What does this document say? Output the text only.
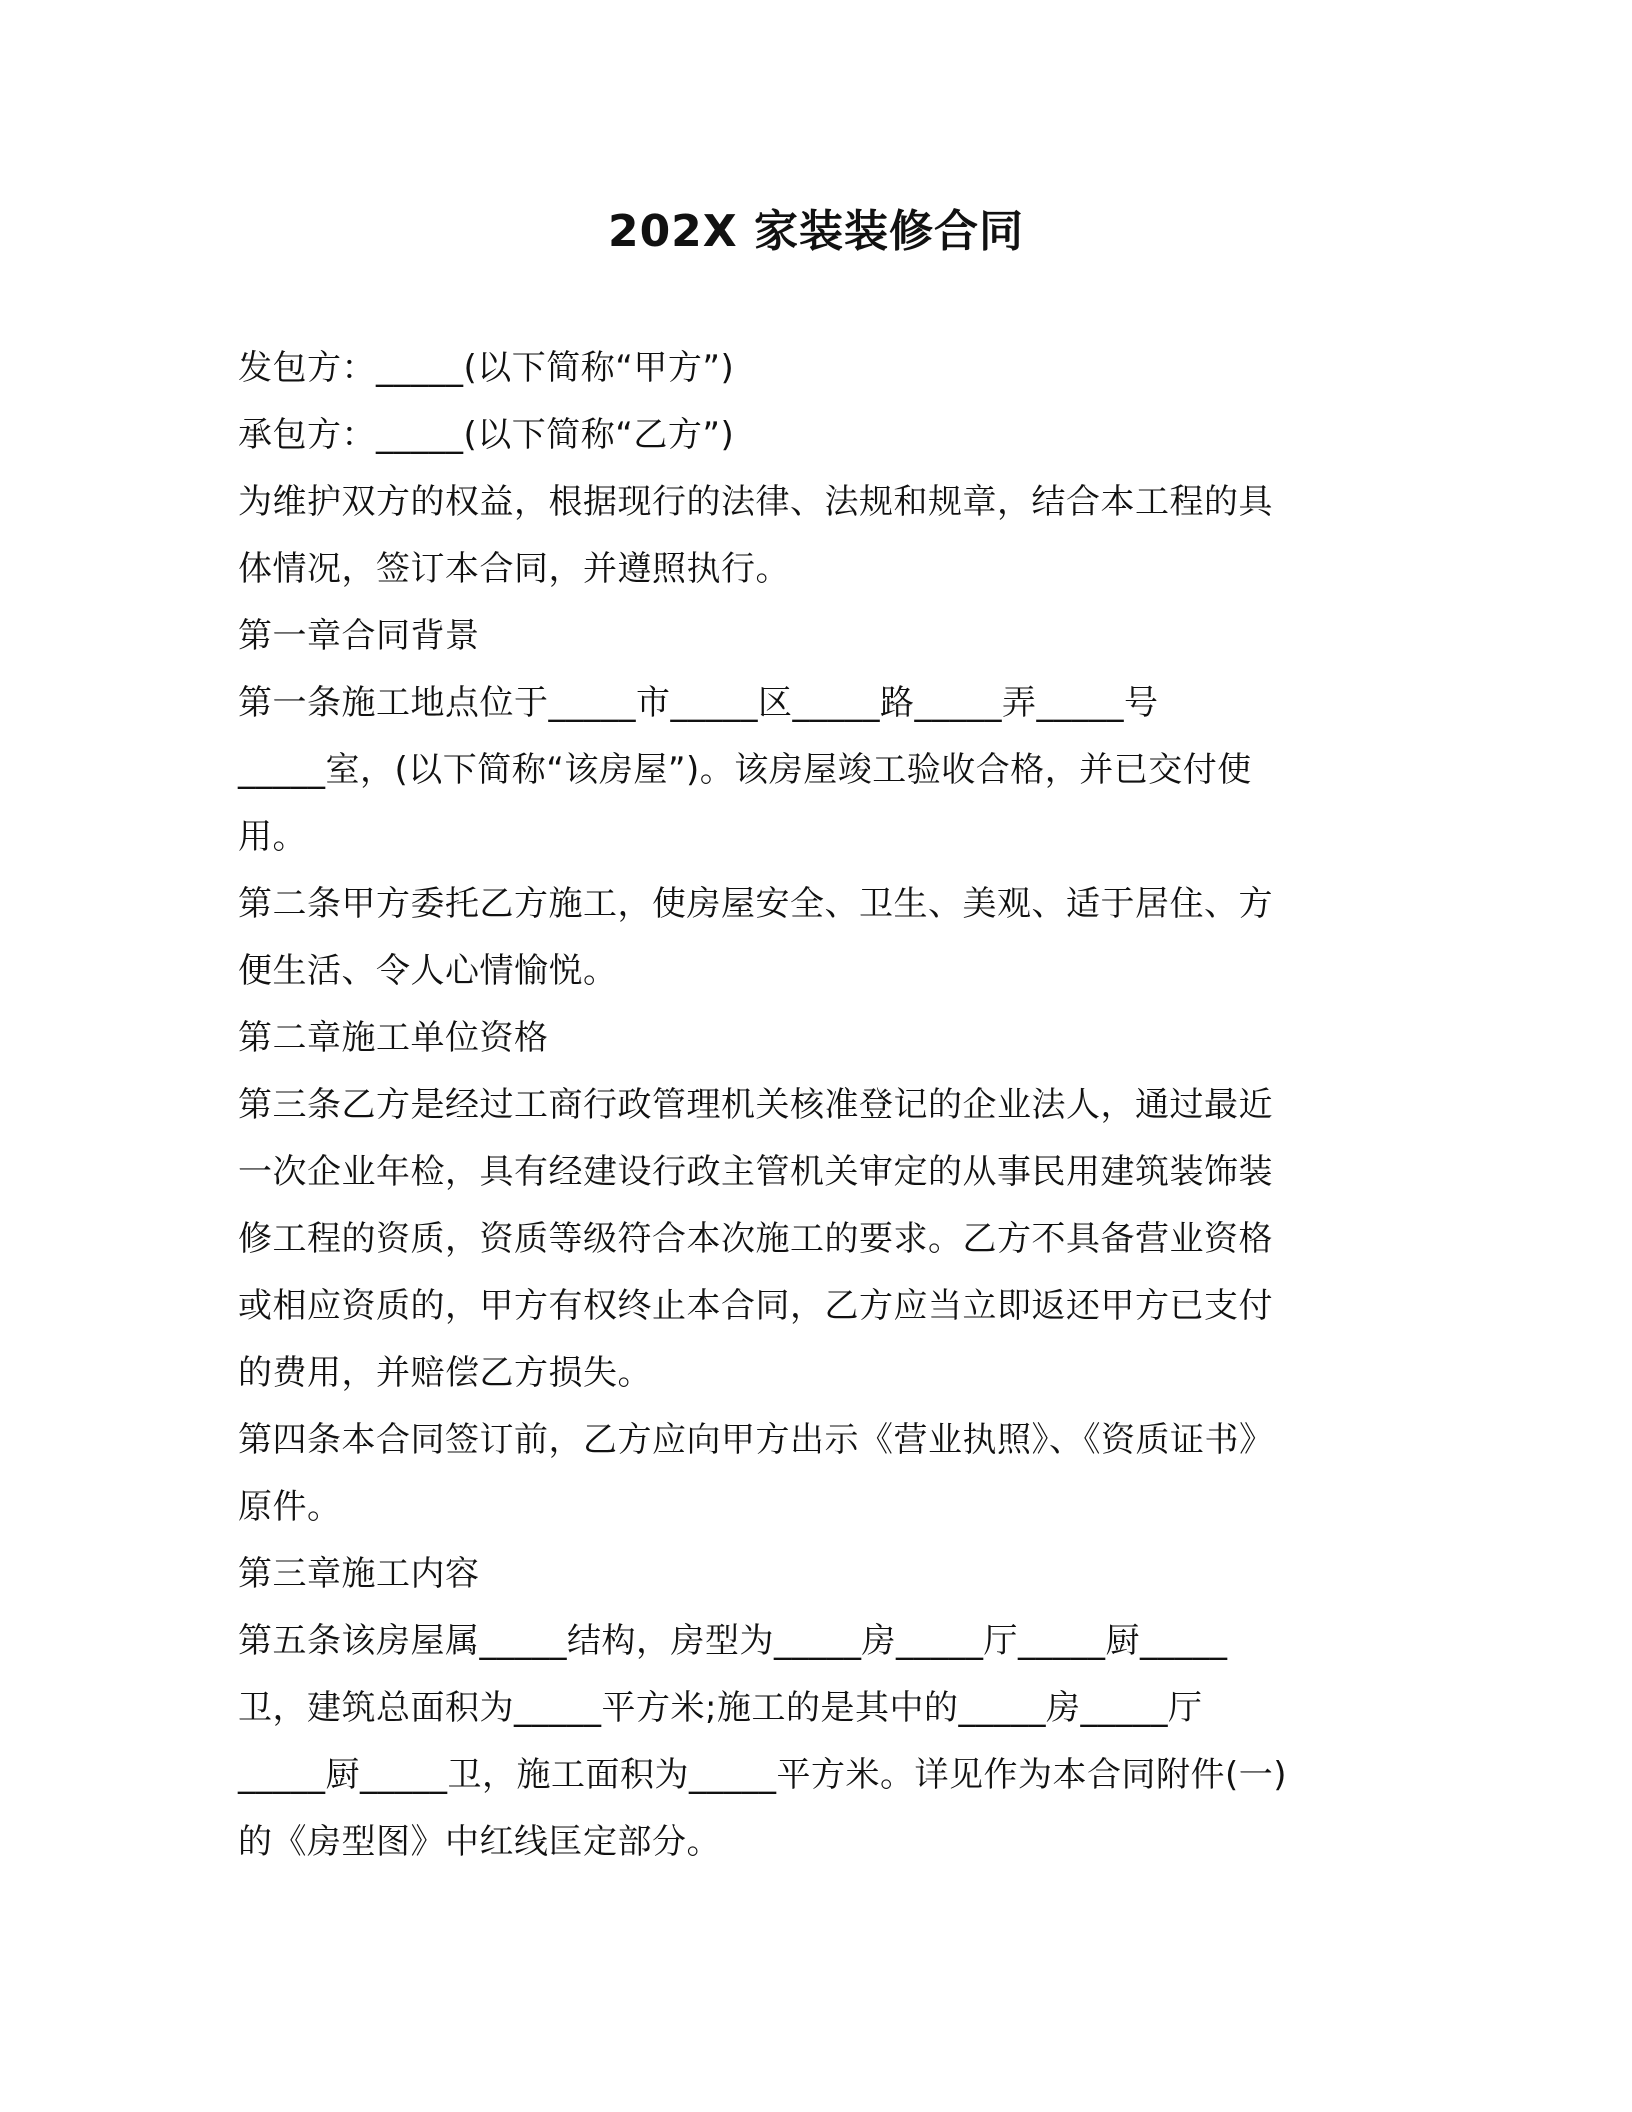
202X 家装装修合同
发包方：_____(以下简称“甲方”)
承包方：_____(以下简称“乙方”)
为维护双方的权益，根据现行的法律、法规和规章，结合本工程的具
体情况，签订本合同，并遵照执行。
第一章合同背景
第一条施工地点位于_____市_____区_____路_____弄_____号
_____室，(以下简称“该房屋”)。该房屋竣工验收合格，并已交付使
用。
第二条甲方委托乙方施工，使房屋安全、卫生、美观、适于居住、方
便生活、令人心情愉悦。
第二章施工单位资格
第三条乙方是经过工商行政管理机关核准登记的企业法人，通过最近
一次企业年检，具有经建设行政主管机关审定的从事民用建筑装饰装
修工程的资质，资质等级符合本次施工的要求。乙方不具备营业资格
或相应资质的，甲方有权终止本合同，乙方应当立即返还甲方已支付
的费用，并赔偿乙方损失。
第四条本合同签订前，乙方应向甲方出示《营业执照》、《资质证书》
原件。
第三章施工内容
第五条该房屋属_____结构，房型为_____房_____厅_____厨_____
卫，建筑总面积为_____平方米;施工的是其中的_____房_____厅
_____厨_____卫，施工面积为_____平方米。详见作为本合同附件(一)
的《房型图》中红线匡定部分。
